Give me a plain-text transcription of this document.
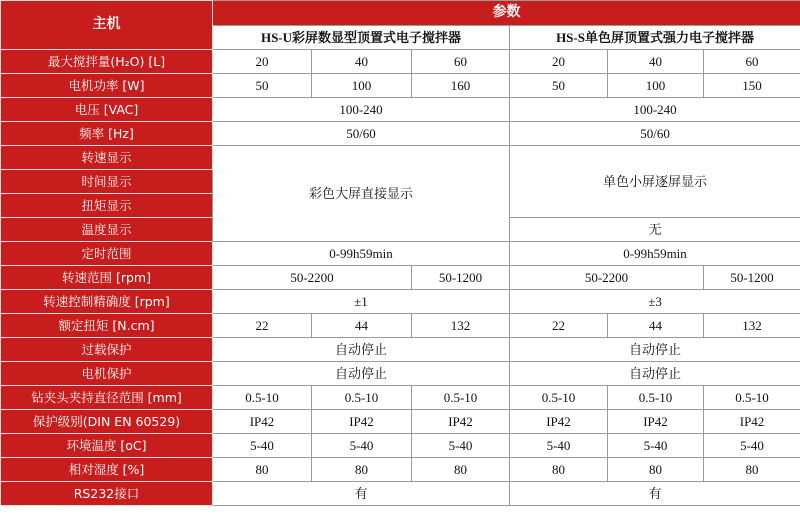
主机	参数					
	HS-U彩屏数显型顶置式电子搅拌器			HS-S单色屏顶置式强力电子搅拌器		
最大搅拌量(H₂O) [L]	20	40	60	20	40	60
电机功率 [W]	50	100	160	50	100	150
电压 [VAC]	100-240			100-240		
频率 [Hz]	50/60			50/60		
转速显示	彩色大屏直接显示			单色小屏逐屏显示		
时间显示						
扭矩显示						
温度显示				无		
定时范围	0-99h59min			0-99h59min		
转速范围 [rpm]	50-2200		50-1200	50-2200		50-1200
转速控制精确度 [rpm]	±1			±3		
额定扭矩 [N.cm]	22	44	132	22	44	132
过载保护	自动停止			自动停止		
电机保护	自动停止			自动停止		
钻夹头夹持直径范围 [mm]	0.5-10	0.5-10	0.5-10	0.5-10	0.5-10	0.5-10
保护级别(DIN EN 60529)	IP42	IP42	IP42	IP42	IP42	IP42
环境温度 [oC]	5-40	5-40	5-40	5-40	5-40	5-40
相对湿度 [%]	80	80	80	80	80	80
RS232接口	有			有		
